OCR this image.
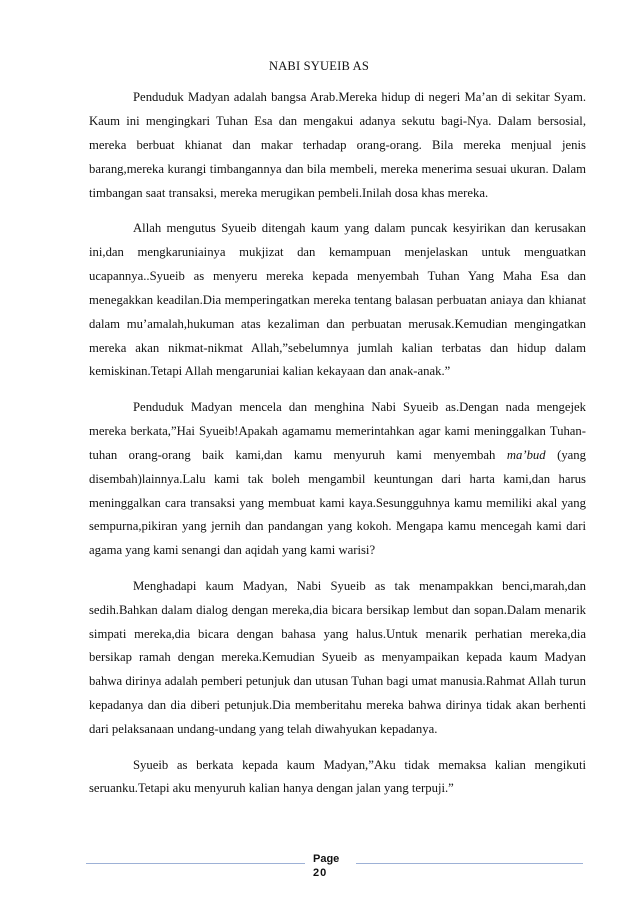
NABI SYUEIB AS

Penduduk Madyan adalah bangsa Arab.Mereka hidup di negeri Ma’an di sekitar Syam. Kaum ini mengingkari Tuhan Esa dan mengakui adanya sekutu bagi-Nya. Dalam bersosial, mereka berbuat khianat dan makar terhadap orang-orang. Bila mereka menjual jenis barang,mereka kurangi timbangannya dan bila membeli, mereka menerima sesuai ukuran. Dalam timbangan saat transaksi, mereka merugikan pembeli.Inilah dosa khas mereka.

Allah mengutus Syueib ditengah kaum yang dalam puncak kesyirikan dan kerusakan ini,dan mengkaruniainya mukjizat dan kemampuan menjelaskan untuk menguatkan ucapannya..Syueib as menyeru mereka kepada menyembah Tuhan Yang Maha Esa dan menegakkan keadilan.Dia memperingatkan mereka tentang balasan perbuatan aniaya dan khianat dalam mu’amalah,hukuman atas kezaliman dan perbuatan merusak.Kemudian mengingatkan mereka akan nikmat-nikmat Allah,”sebelumnya jumlah kalian terbatas dan hidup dalam kemiskinan.Tetapi Allah mengaruniai kalian kekayaan dan anak-anak.”

Penduduk Madyan mencela dan menghina Nabi Syueib as.Dengan nada mengejek mereka berkata,”Hai Syueib!Apakah agamamu memerintahkan agar kami meninggalkan Tuhan-tuhan orang-orang baik kami,dan kamu menyuruh kami menyembah ma’bud (yang disembah)lainnya.Lalu kami tak boleh mengambil keuntungan dari harta kami,dan harus meninggalkan cara transaksi yang membuat kami kaya.Sesungguhnya kamu memiliki akal yang sempurna,pikiran yang jernih dan pandangan yang kokoh. Mengapa kamu mencegah kami dari agama yang kami senangi dan aqidah yang kami warisi?

Menghadapi kaum Madyan, Nabi Syueib as tak menampakkan benci,marah,dan sedih.Bahkan dalam dialog dengan mereka,dia bicara bersikap lembut dan sopan.Dalam menarik simpati mereka,dia bicara dengan bahasa yang halus.Untuk menarik perhatian mereka,dia bersikap ramah dengan mereka.Kemudian Syueib as menyampaikan kepada kaum Madyan bahwa dirinya adalah pemberi petunjuk dan utusan Tuhan bagi umat manusia.Rahmat Allah turun kepadanya dan dia diberi petunjuk.Dia memberitahu mereka bahwa dirinya tidak akan berhenti dari pelaksanaan undang-undang yang telah diwahyukan kepadanya.

Syueib as berkata kepada kaum Madyan,”Aku tidak memaksa kalian mengikuti seruanku.Tetapi aku menyuruh kalian hanya dengan jalan yang terpuji.”

Page
20
